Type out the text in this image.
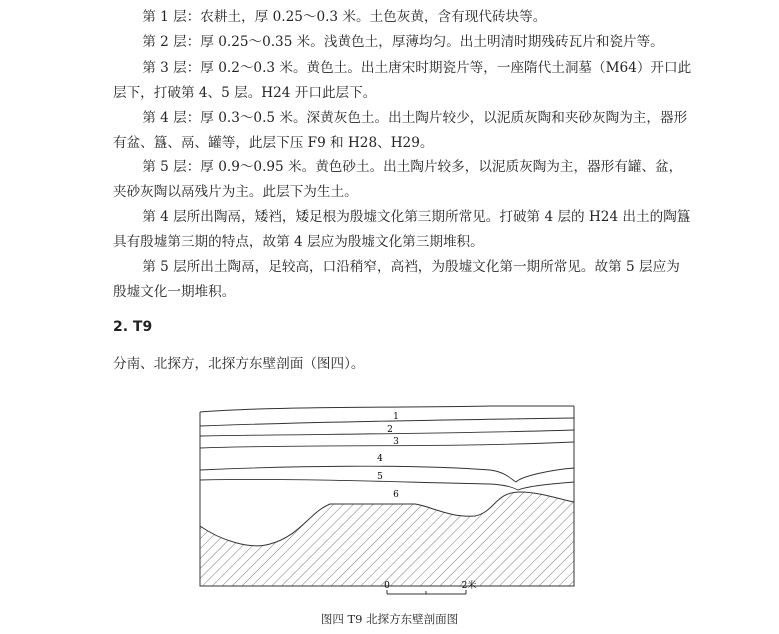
第 1 层：农耕土，厚 0.25～0.3 米。土色灰黄，含有现代砖块等。
第 2 层：厚 0.25～0.35 米。浅黄色土，厚薄均匀。出土明清时期残砖瓦片和瓷片等。
第 3 层：厚 0.2～0.3 米。黄色土。出土唐宋时期瓷片等，一座隋代土洞墓（M64）开口此
层下，打破第 4、5 层。H24 开口此层下。
第 4 层：厚 0.3～0.5 米。深黄灰色土。出土陶片较少，以泥质灰陶和夹砂灰陶为主，器形
有盆、簋、鬲、罐等，此层下压 F9 和 H28、H29。
第 5 层：厚 0.9～0.95 米。黄色砂土。出土陶片较多，以泥质灰陶为主，器形有罐、盆，
夹砂灰陶以鬲残片为主。此层下为生土。
第 4 层所出陶鬲，矮裆，矮足根为殷墟文化第三期所常见。打破第 4 层的 H24 出土的陶簋
具有殷墟第三期的特点，故第 4 层应为殷墟文化第三期堆积。
第 5 层所出土陶鬲，足较高，口沿稍窄，高裆，为殷墟文化第一期所常见。故第 5 层应为
殷墟文化一期堆积。
2. T9
分南、北探方，北探方东壁剖面（图四）。
1
2
3
4
5
6
0	2米
图四 T9 北探方东壁剖面图
